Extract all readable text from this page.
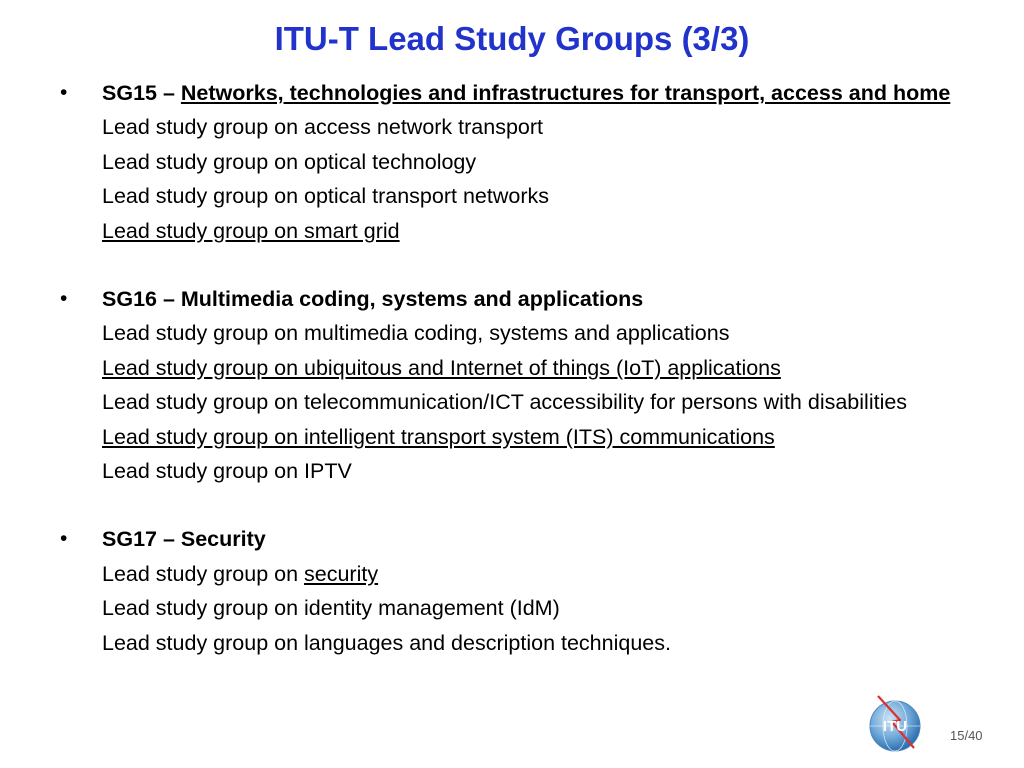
ITU-T Lead Study Groups (3/3)
• SG15 – Networks, technologies and infrastructures for transport, access and home
Lead study group on access network transport
Lead study group on optical technology
Lead study group on optical transport networks
Lead study group on smart grid
• SG16 – Multimedia coding, systems and applications
Lead study group on multimedia coding, systems and applications
Lead study group on ubiquitous and Internet of things (IoT) applications
Lead study group on telecommunication/ICT accessibility for persons with disabilities
Lead study group on intelligent transport system (ITS) communications
Lead study group on IPTV
• SG17 – Security
Lead study group on security
Lead study group on identity management (IdM)
Lead study group on languages and description techniques.
ITU
15/40
